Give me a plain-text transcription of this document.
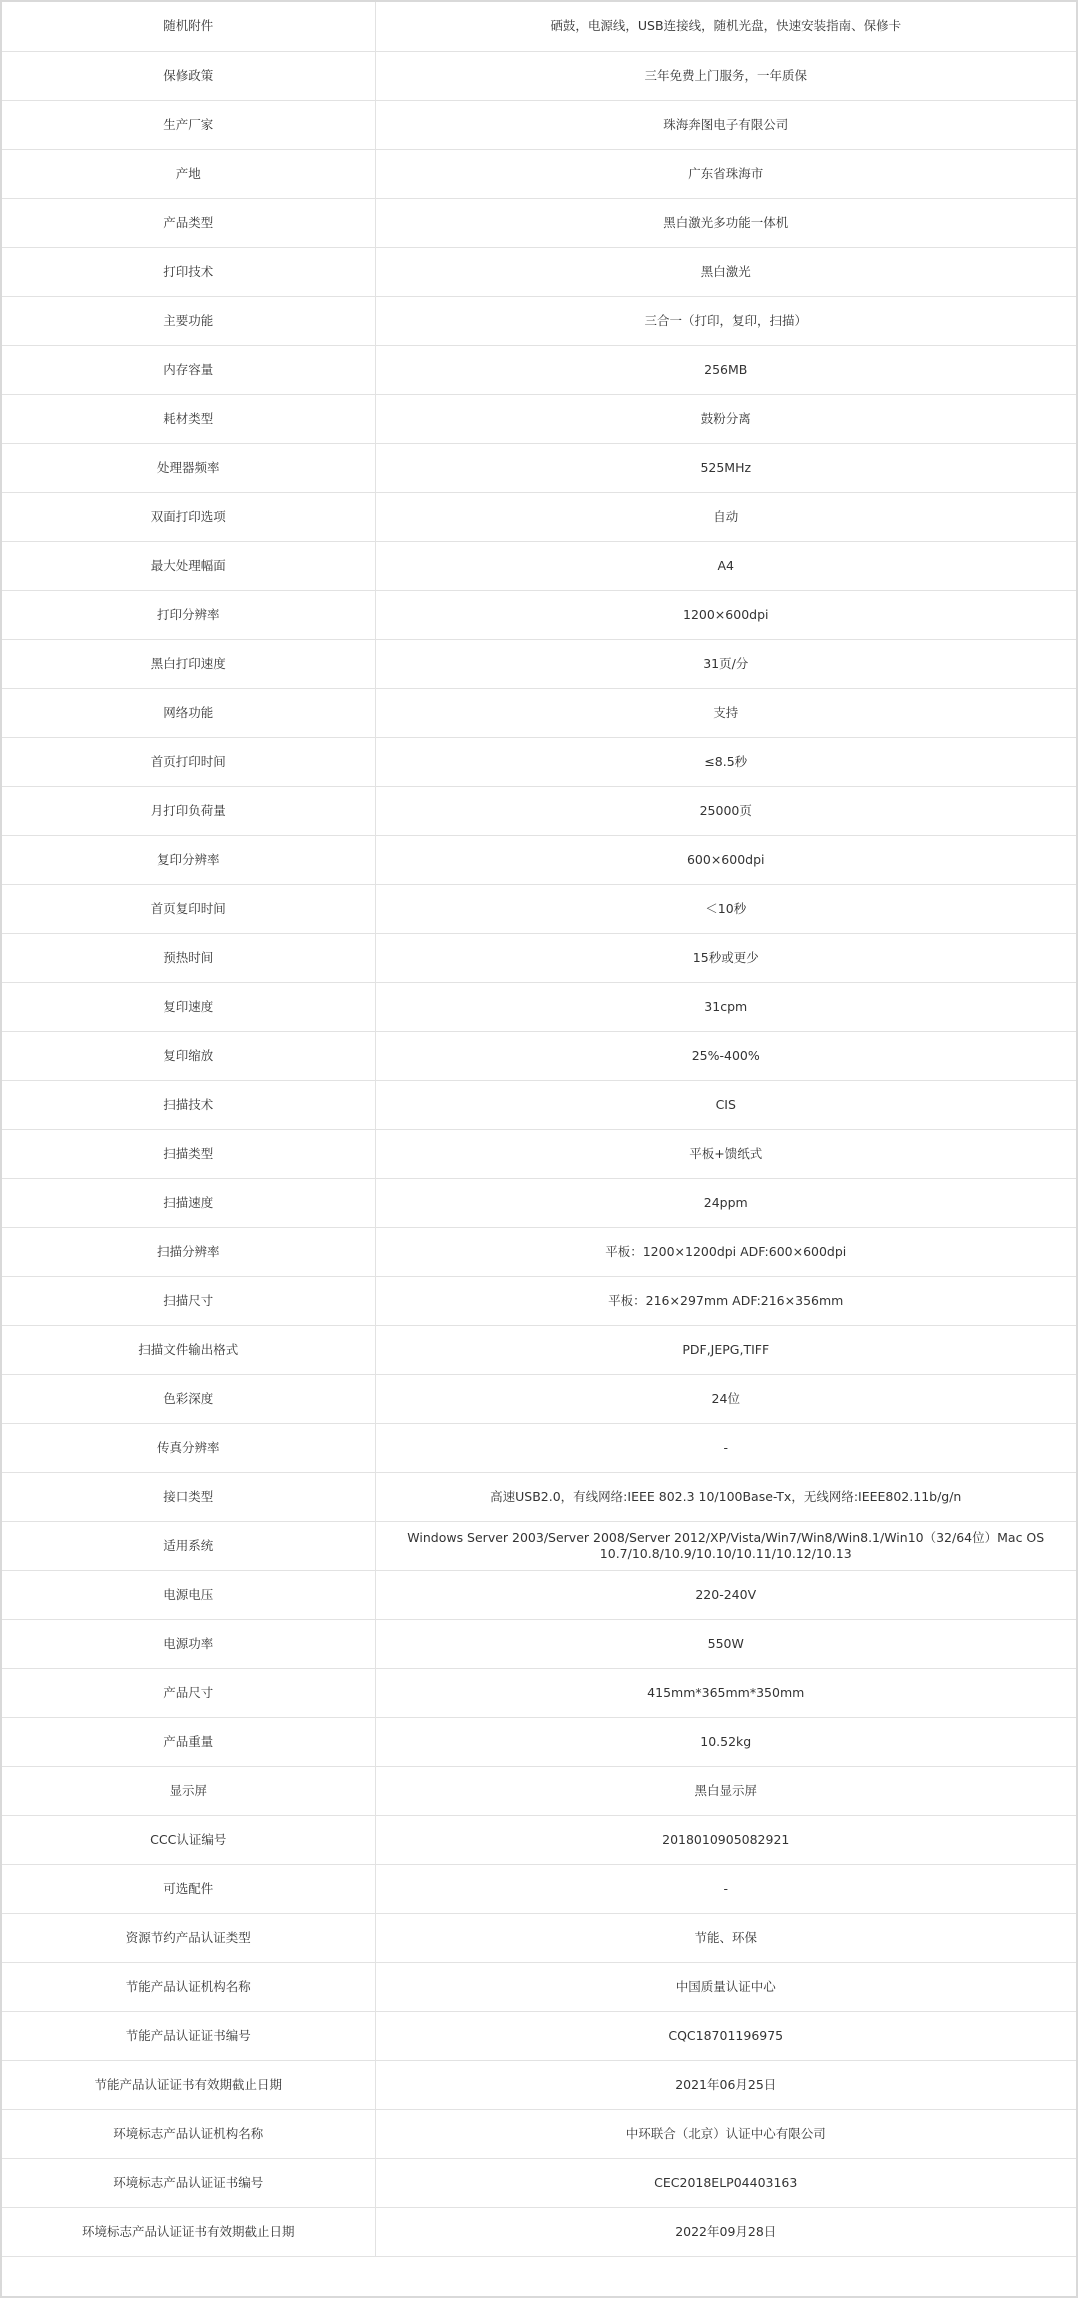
随机附件	硒鼓，电源线，USB连接线，随机光盘，快速安装指南、保修卡
保修政策	三年免费上门服务，一年质保
生产厂家	珠海奔图电子有限公司
产地	广东省珠海市
产品类型	黑白激光多功能一体机
打印技术	黑白激光
主要功能	三合一（打印，复印，扫描）
内存容量	256MB
耗材类型	鼓粉分离
处理器频率	525MHz
双面打印选项	自动
最大处理幅面	A4
打印分辨率	1200×600dpi
黑白打印速度	31页/分
网络功能	支持
首页打印时间	≤8.5秒
月打印负荷量	25000页
复印分辨率	600×600dpi
首页复印时间	＜10秒
预热时间	15秒或更少
复印速度	31cpm
复印缩放	25%-400%
扫描技术	CIS
扫描类型	平板+馈纸式
扫描速度	24ppm
扫描分辨率	平板：1200×1200dpi ADF:600×600dpi
扫描尺寸	平板：216×297mm ADF:216×356mm
扫描文件输出格式	PDF,JEPG,TIFF
色彩深度	24位
传真分辨率	-
接口类型	高速USB2.0，有线网络:IEEE 802.3 10/100Base-Tx，无线网络:IEEE802.11b/g/n
适用系统	Windows Server 2003/Server 2008/Server 2012/XP/Vista/Win7/Win8/Win8.1/Win10（32/64位）Mac OS 10.7/10.8/10.9/10.10/10.11/10.12/10.13
电源电压	220-240V
电源功率	550W
产品尺寸	415mm*365mm*350mm
产品重量	10.52kg
显示屏	黑白显示屏
CCC认证编号	2018010905082921
可选配件	-
资源节约产品认证类型	节能、环保
节能产品认证机构名称	中国质量认证中心
节能产品认证证书编号	CQC18701196975
节能产品认证证书有效期截止日期	2021年06月25日
环境标志产品认证机构名称	中环联合（北京）认证中心有限公司
环境标志产品认证证书编号	CEC2018ELP04403163
环境标志产品认证证书有效期截止日期	2022年09月28日
